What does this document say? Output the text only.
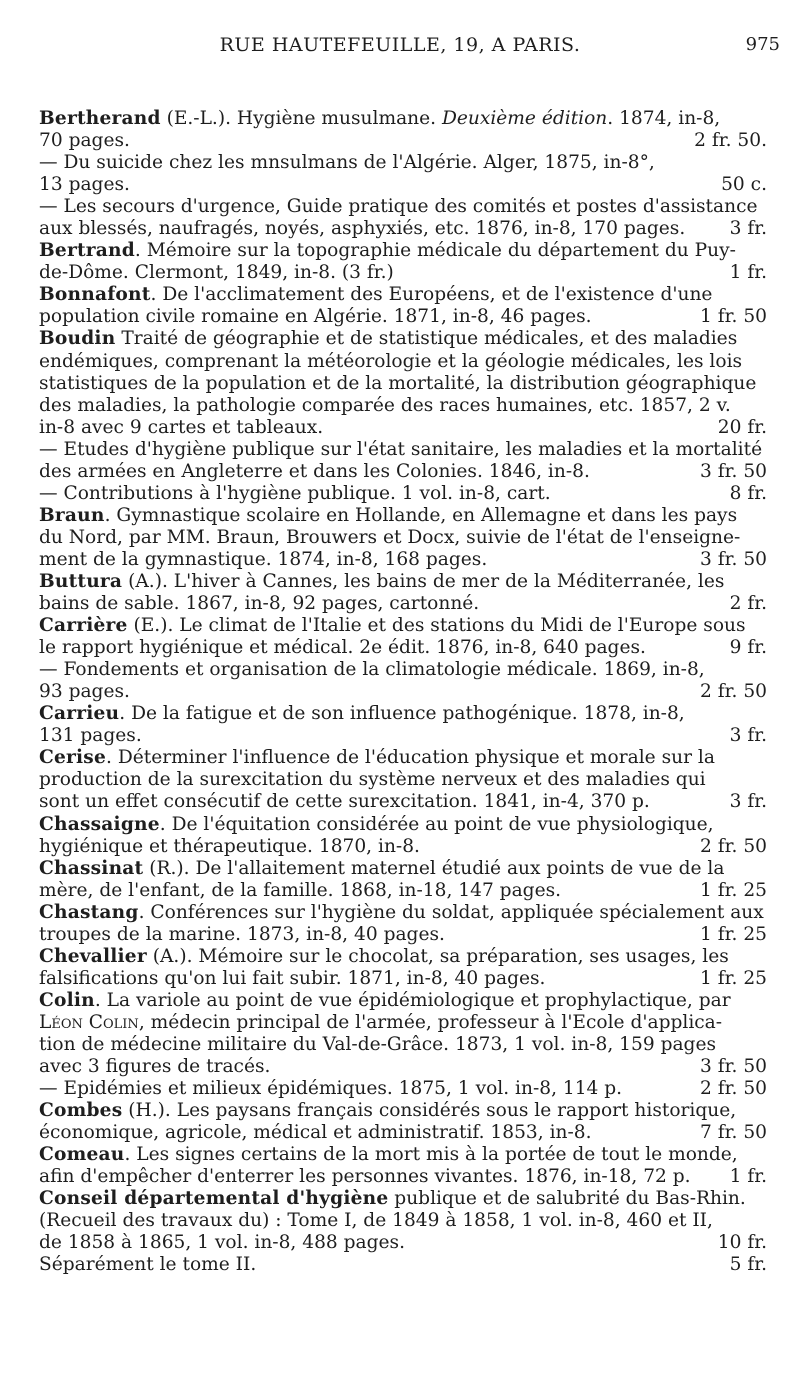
RUE HAUTEFEUILLE, 19, A PARIS.	975
Bertherand (E.-L.). Hygiène musulmane. Deuxième édition. 1874, in-8,
70 pages.	2 fr. 50.
— Du suicide chez les mnsulmans de l'Algérie. Alger, 1875, in-8°,
13 pages.	50 c.
— Les secours d'urgence, Guide pratique des comités et postes d'assistance
aux blessés, naufragés, noyés, asphyxiés, etc. 1876, in-8, 170 pages. 3 fr.
Bertrand. Mémoire sur la topographie médicale du département du Puy-
de-Dôme. Clermont, 1849, in-8. (3 fr.)	1 fr.
Bonnafont. De l'acclimatement des Européens, et de l'existence d'une
population civile romaine en Algérie. 1871, in-8, 46 pages.	1 fr. 50
Boudin Traité de géographie et de statistique médicales, et des maladies
endémiques, comprenant la météorologie et la géologie médicales, les lois
statistiques de la population et de la mortalité, la distribution géographique
des maladies, la pathologie comparée des races humaines, etc. 1857, 2 v.
in-8 avec 9 cartes et tableaux.	20 fr.
— Etudes d'hygiène publique sur l'état sanitaire, les maladies et la mortalité
des armées en Angleterre et dans les Colonies. 1846, in-8.	3 fr. 50
— Contributions à l'hygiène publique. 1 vol. in-8, cart.	8 fr.
Braun. Gymnastique scolaire en Hollande, en Allemagne et dans les pays
du Nord, par MM. Braun, Brouwers et Docx, suivie de l'état de l'enseigne-
ment de la gymnastique. 1874, in-8, 168 pages.	3 fr. 50
Buttura (A.). L'hiver à Cannes, les bains de mer de la Méditerranée, les
bains de sable. 1867, in-8, 92 pages, cartonné.	2 fr.
Carrière (E.). Le climat de l'Italie et des stations du Midi de l'Europe sous
le rapport hygiénique et médical. 2e édit. 1876, in-8, 640 pages.	9 fr.
— Fondements et organisation de la climatologie médicale. 1869, in-8,
93 pages.	2 fr. 50
Carrieu. De la fatigue et de son influence pathogénique. 1878, in-8,
131 pages.	3 fr.
Cerise. Déterminer l'influence de l'éducation physique et morale sur la
production de la surexcitation du système nerveux et des maladies qui
sont un effet consécutif de cette surexcitation. 1841, in-4, 370 p.	3 fr.
Chassaigne. De l'équitation considérée au point de vue physiologique,
hygiénique et thérapeutique. 1870, in-8.	2 fr. 50
Chassinat (R.). De l'allaitement maternel étudié aux points de vue de la
mère, de l'enfant, de la famille. 1868, in-18, 147 pages.	1 fr. 25
Chastang. Conférences sur l'hygiène du soldat, appliquée spécialement aux
troupes de la marine. 1873, in-8, 40 pages.	1 fr. 25
Chevallier (A.). Mémoire sur le chocolat, sa préparation, ses usages, les
falsifications qu'on lui fait subir. 1871, in-8, 40 pages.	1 fr. 25
Colin. La variole au point de vue épidémiologique et prophylactique, par
Léon Colin, médecin principal de l'armée, professeur à l'Ecole d'applica-
tion de médecine militaire du Val-de-Grâce. 1873, 1 vol. in-8, 159 pages
avec 3 figures de tracés.	3 fr. 50
— Epidémies et milieux épidémiques. 1875, 1 vol. in-8, 114 p.	2 fr. 50
Combes (H.). Les paysans français considérés sous le rapport historique,
économique, agricole, médical et administratif. 1853, in-8.	7 fr. 50
Comeau. Les signes certains de la mort mis à la portée de tout le monde,
afin d'empêcher d'enterrer les personnes vivantes. 1876, in-18, 72 p. 1 fr.
Conseil départemental d'hygiène publique et de salubrité du Bas-Rhin.
(Recueil des travaux du) : Tome I, de 1849 à 1858, 1 vol. in-8, 460 et II,
de 1858 à 1865, 1 vol. in-8, 488 pages.	10 fr.
Séparément le tome II.	5 fr.
